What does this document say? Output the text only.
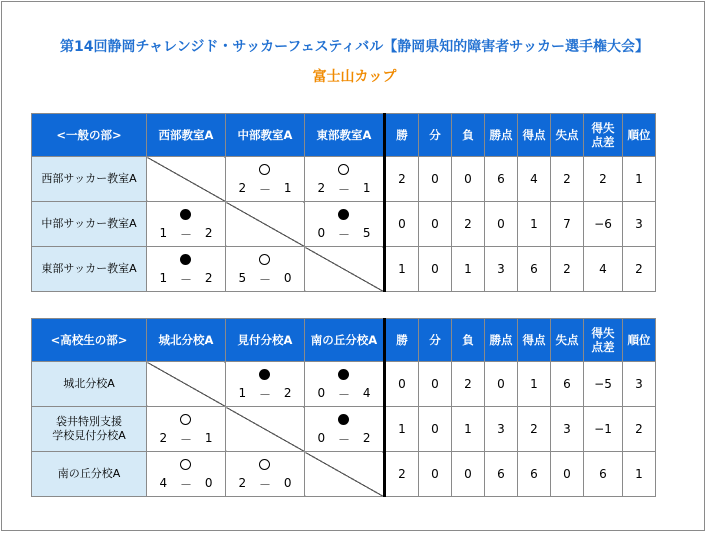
第14回静岡チャレンジド・サッカーフェスティバル【静岡県知的障害者サッカー選手権大会】
富士山カップ
<一般の部>	西部教室A	中部教室A	東部教室A	勝	分	負	勝点	得点	失点	得失点差	順位
西部サッカー教室A		2 － 1	2 － 1	2	0	0	6	4	2	2	1
中部サッカー教室A	1 － 2		0 － 5	0	0	2	0	1	7	−6	3
東部サッカー教室A	1 － 2	5 － 0		1	0	1	3	6	2	4	2
<高校生の部>	城北分校A	見付分校A	南の丘分校A	勝	分	負	勝点	得点	失点	得失点差	順位
城北分校A		1 － 2	0 － 4	0	0	2	0	1	6	−5	3
袋井特別支援
学校見付分校A	2 － 1		0 － 2	1	0	1	3	2	3	−1	2
南の丘分校A	4 － 0	2 － 0		2	0	0	6	6	0	6	1
